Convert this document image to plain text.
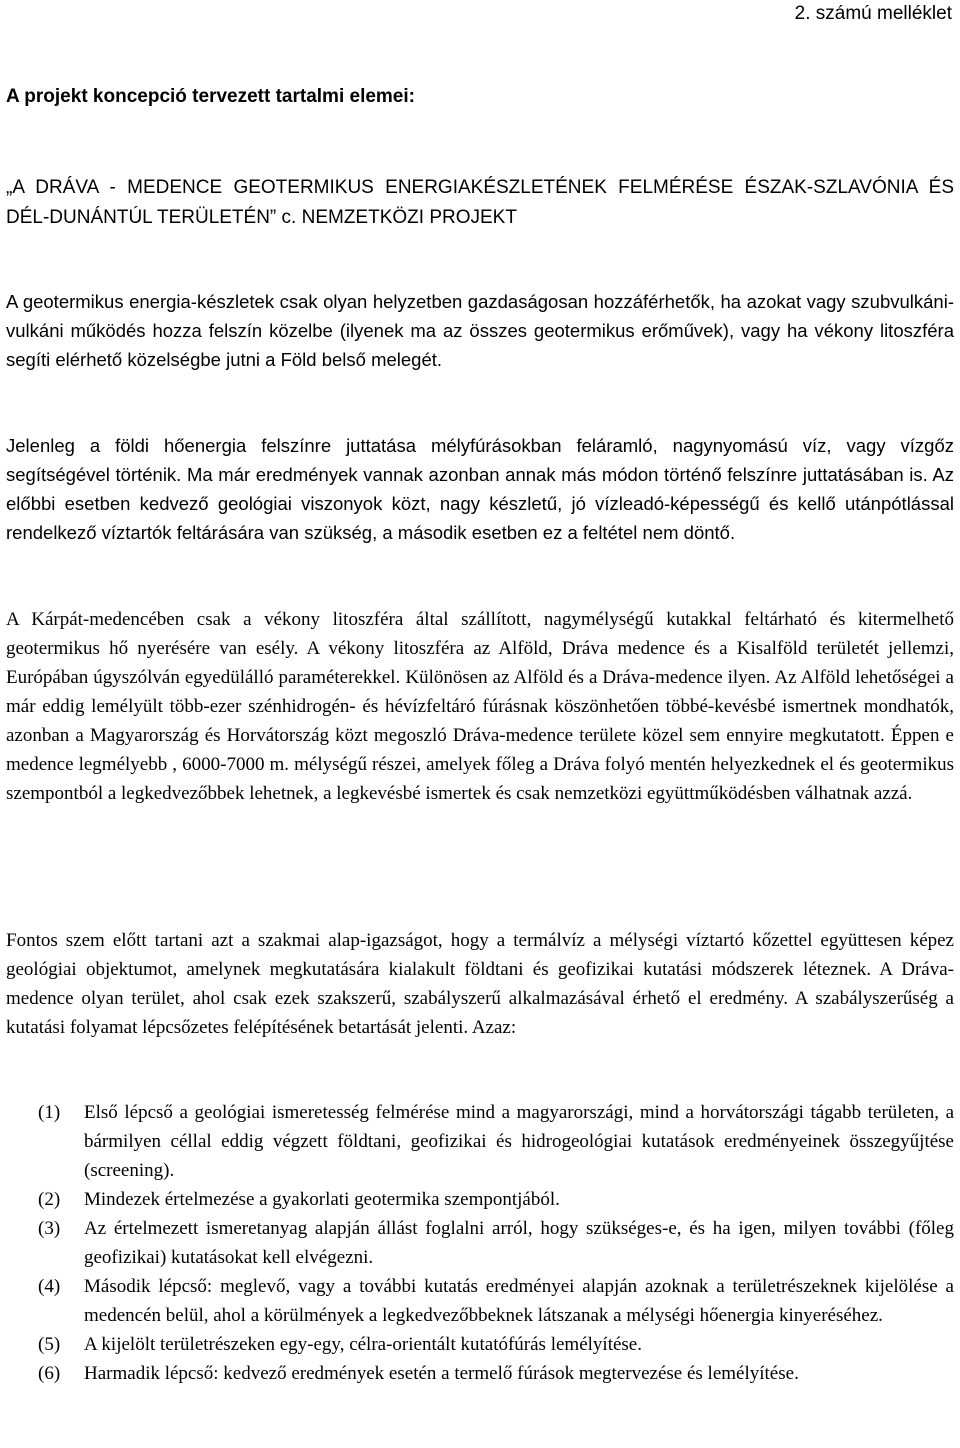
2. számú melléklet
A projekt koncepció tervezett tartalmi elemei:
„A DRÁVA - MEDENCE GEOTERMIKUS ENERGIAKÉSZLETÉNEK FELMÉRÉSE ÉSZAK-SZLAVÓNIA ÉS DÉL-DUNÁNTÚL TERÜLETÉN” c. NEMZETKÖZI PROJEKT

A geotermikus energia-készletek csak olyan helyzetben gazdaságosan hozzáférhetők, ha azokat vagy szubvulkáni-vulkáni működés hozza felszín közelbe (ilyenek ma az összes geotermikus erőművek), vagy ha vékony litoszféra segíti elérhető közelségbe jutni a Föld belső melegét.

Jelenleg a földi hőenergia felszínre juttatása mélyfúrásokban feláramló, nagynyomású víz, vagy vízgőz segítségével történik. Ma már eredmények vannak azonban annak más módon történő felszínre juttatásában is. Az előbbi esetben kedvező geológiai viszonyok közt, nagy készletű, jó vízleadó-képességű és kellő utánpótlással rendelkező víztartók feltárására van szükség, a második esetben ez a feltétel nem döntő.

A Kárpát-medencében csak a vékony litoszféra által szállított, nagymélységű kutakkal feltárható és kitermelhető geotermikus hő nyerésére van esély. A vékony litoszféra az Alföld, Dráva medence és a Kisalföld területét jellemzi, Európában úgyszólván egyedülálló paraméterekkel. Különösen az Alföld és a Dráva-medence ilyen. Az Alföld lehetőségei a már eddig lemélyült több-ezer szénhidrogén- és hévízfeltáró fúrásnak köszönhetően többé-kevésbé ismertnek mondhatók, azonban a Magyarország és Horvátország közt megoszló Dráva-medence területe közel sem ennyire megkutatott. Éppen e medence legmélyebb , 6000-7000 m. mélységű részei, amelyek főleg a Dráva folyó mentén helyezkednek el és geotermikus szempontból a legkedvezőbbek lehetnek, a legkevésbé ismertek és csak nemzetközi együttműködésben válhatnak azzá.

Fontos szem előtt tartani azt a szakmai alap-igazságot, hogy a termálvíz a mélységi víztartó kőzettel együttesen képez geológiai objektumot, amelynek megkutatására kialakult földtani és geofizikai kutatási módszerek léteznek. A Dráva-medence olyan terület, ahol csak ezek szakszerű, szabályszerű alkalmazásával érhető el eredmény. A szabályszerűség a kutatási folyamat lépcsőzetes felépítésének betartását jelenti. Azaz:

(1) Első lépcső a geológiai ismeretesség felmérése mind a magyarországi, mind a horvátországi tágabb területen, a bármilyen céllal eddig végzett földtani, geofizikai és hidrogeológiai kutatások eredményeinek összegyűjtése (screening).
(2) Mindezek értelmezése a gyakorlati geotermika szempontjából.
(3) Az értelmezett ismeretanyag alapján állást foglalni arról, hogy szükséges-e, és ha igen, milyen további (főleg geofizikai) kutatásokat kell elvégezni.
(4) Második lépcső: meglevő, vagy a további kutatás eredményei alapján azoknak a területrészeknek kijelölése a medencén belül, ahol a körülmények a legkedvezőbbeknek látszanak a mélységi hőenergia kinyeréséhez.
(5) A kijelölt területrészeken egy-egy, célra-orientált kutatófúrás lemélyítése.
(6) Harmadik lépcső: kedvező eredmények esetén a termelő fúrások megtervezése és lemélyítése.
